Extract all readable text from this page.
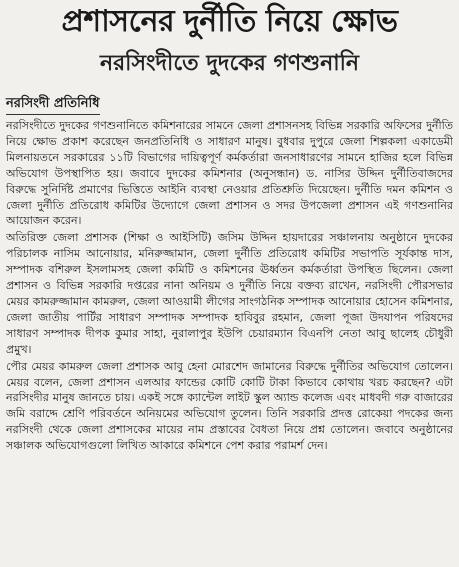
প্রশাসনের দুর্নীতি নিয়ে ক্ষোভ
নরসিংদীতে দুদকের গণশুনানি
নরসিংদী প্রতিনিধি

নরসিংদীতে দুদকের গণশুনানিতে কমিশনারের সামনে জেলা প্রশাসনসহ বিভিন্ন সরকারি অফিসের দুর্নীতি নিয়ে ক্ষোভ প্রকাশ করেছেন জনপ্রতিনিধি ও সাধারণ মানুষ। বুধবার দুপুরে জেলা শিল্পকলা একাডেমী মিলনায়তনে সরকারের ১১টি বিভাগের দায়িত্বপূর্ণ কর্মকর্তারা জনসাধারণের সামনে হাজির হলে বিভিন্ন অভিযোগ উপস্থাপিত হয়। জবাবে দুদকের কমিশনার (অনুসন্ধান) ড. নাসির উদ্দিন দুর্নীতিবাজদের বিরুদ্ধে সুনির্দিষ্ট প্রমাণের ভিত্তিতে আইনি ব্যবস্থা নেওয়ার প্রতিশ্রুতি দিয়েছেন। দুর্নীতি দমন কমিশন ও জেলা দুর্নীতি প্রতিরোধ কমিটির উদ্যোগে জেলা প্রশাসন ও সদর উপজেলা প্রশাসন এই গণশুনানির আয়োজন করেন।

অতিরিক্ত জেলা প্রশাসক (শিক্ষা ও আইসিটি) জসিম উদ্দিন হায়দারের সঞ্চালনায় অনুষ্ঠানে দুদকের পরিচালক নাসিম আনোয়ার, মনিরুজ্জামান, জেলা দুর্নীতি প্রতিরোধ কমিটির সভাপতি সূর্যকান্ত দাস, সম্পাদক বশিরুল ইসলামসহ জেলা কমিটি ও কমিশনের ঊর্ধ্বতন কর্মকর্তারা উপস্থিত ছিলেন। জেলা প্রশাসন ও বিভিন্ন সরকারি দপ্তরের নানা অনিয়ম ও দুর্নীতি নিয়ে বক্তব্য রাখেন, নরসিংদী পৌরসভার মেয়র কামরুজ্জামান কামরুল, জেলা আওয়ামী লীগের সাংগঠনিক সম্পাদক আনোয়ার হোসেন কমিশনার, জেলা জাতীয় পার্টির সাধারণ সম্পাদক সম্পাদক হাবিবুর রহমান, জেলা পূজা উদযাপন পরিষদের সাধারণ সম্পাদক দীপক কুমার সাহা, নুরালাপুর ইউপি চেয়ারম্যান বিএনপি নেতা আবু ছালেহ চৌধুরী প্রমুখ।

পৌর মেয়র কামরুল জেলা প্রশাসক আবু হেনা মোরশেদ জামানের বিরুদ্ধে দুর্নীতির অভিযোগ তোলেন। মেয়র বলেন, জেলা প্রশাসন এলআর ফান্ডের কোটি কোটি টাকা কিভাবে কোথায় খরচ করছেন? এটা নরসিংদীর মানুষ জানতে চায়। একই সঙ্গে ক্যান্টেল লাইট স্কুল অ্যান্ড কলেজ এবং মাধবদী গরু বাজারের জমি বরাদ্দে শ্রেণি পরিবর্তনে অনিয়মের অভিযোগ তুলেন। তিনি সরকারি প্রদত্ত রোকেয়া পদকের জন্য নরসিংদী থেকে জেলা প্রশাসকের মায়ের নাম প্রস্তাবের বৈধতা নিয়ে প্রশ্ন তোলেন। জবাবে অনুষ্ঠানের সঞ্চালক অভিযোগগুলো লিখিত আকারে কমিশনে পেশ করার পরামর্শ দেন।
